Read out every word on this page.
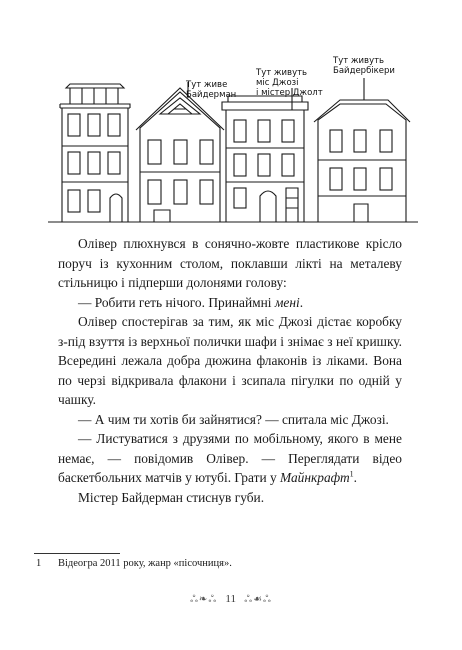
Тут живе
Байдерман
Тут живуть
міс Джозі
і містер Джолт
Тут живуть
Байдербікери

Олівер плюхнувся в сонячно-жовте пластикове крісло поруч із кухонним столом, поклавши лікті на металеву стільницю і підперши долонями голову:

— Робити геть нічого. Принаймні мені.

Олівер спостерігав за тим, як міс Джозі дістає коробку з-під взуття із верхньої полички шафи і знімає з неї кришку. Всередині лежала добра дюжина флаконів із ліками. Вона по черзі відкривала флакони і зсипала пігулки по одній у чашку.

— А чим ти хотів би зайнятися? — спитала міс Джозі.

— Листуватися з друзями по мобільному, якого в мене немає, — повідомив Олівер. — Переглядати відео баскетбольних матчів у ютубі. Грати у Майнкрафт$^1$.

Містер Байдерман стиснув губи.

1 Відеогра 2011 року, жанр «пісочниця».
ஃ❧ஃ 11 ஃ☙ஃ
